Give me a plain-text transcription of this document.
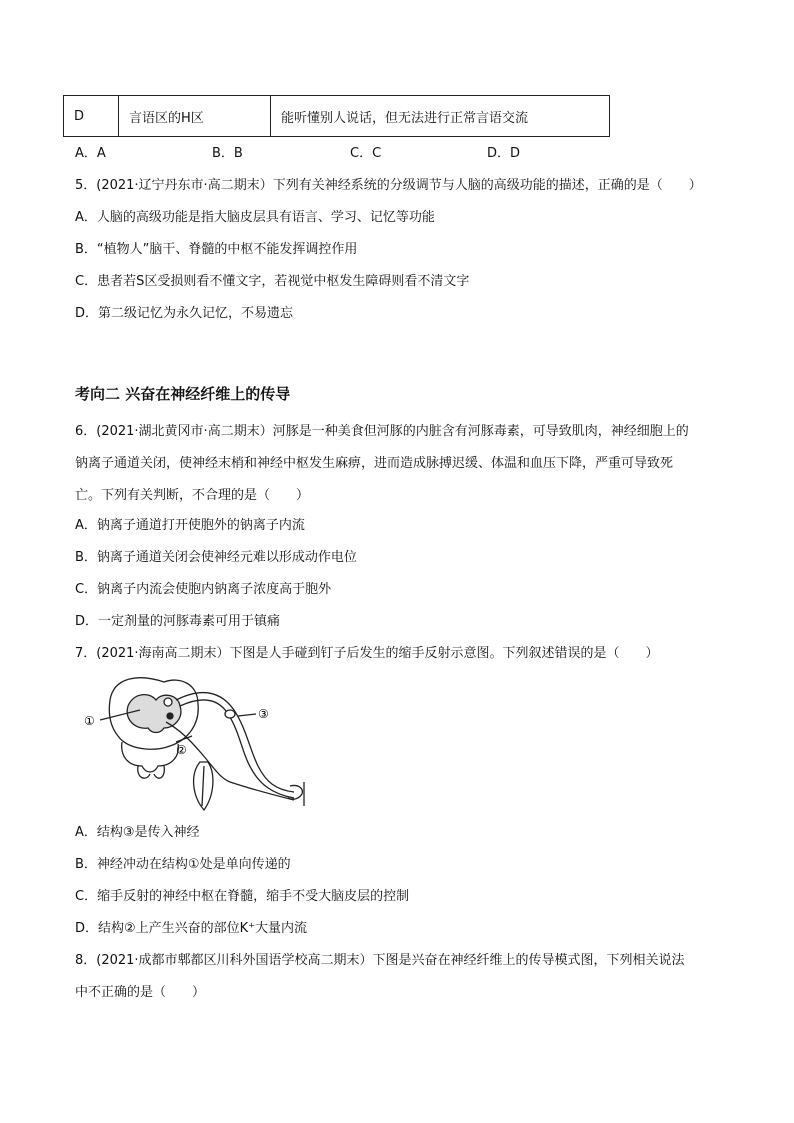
D	言语区的H区	能听懂别人说话，但无法进行正常言语交流
A．A	B．B	C．C	D．D
5．(2021·辽宁丹东市·高二期末）下列有关神经系统的分级调节与人脑的高级功能的描述，正确的是（　　）
A．人脑的高级功能是指大脑皮层具有语言、学习、记忆等功能
B．“植物人”脑干、脊髓的中枢不能发挥调控作用
C．患者若S区受损则看不懂文字，若视觉中枢发生障碍则看不清文字
D．第二级记忆为永久记忆，不易遗忘
考向二 兴奋在神经纤维上的传导
6．(2021·湖北黄冈市·高二期末）河豚是一种美食但河豚的内脏含有河豚毒素，可导致肌肉，神经细胞上的
钠离子通道关闭，使神经末梢和神经中枢发生麻痹，进而造成脉搏迟缓、体温和血压下降，严重可导致死
亡。下列有关判断，不合理的是（　　）
A．钠离子通道打开使胞外的钠离子内流
B．钠离子通道关闭会使神经元难以形成动作电位
C．钠离子内流会使胞内钠离子浓度高于胞外
D．一定剂量的河豚毒素可用于镇痛
7．(2021·海南高二期末）下图是人手碰到钉子后发生的缩手反射示意图。下列叙述错误的是（　　）
①
②
③
A．结构③是传入神经
B．神经冲动在结构①处是单向传递的
C．缩手反射的神经中枢在脊髓，缩手不受大脑皮层的控制
D．结构②上产生兴奋的部位K⁺大量内流
8．(2021·成都市郫都区川科外国语学校高二期末）下图是兴奋在神经纤维上的传导模式图，下列相关说法
中不正确的是（　　）
